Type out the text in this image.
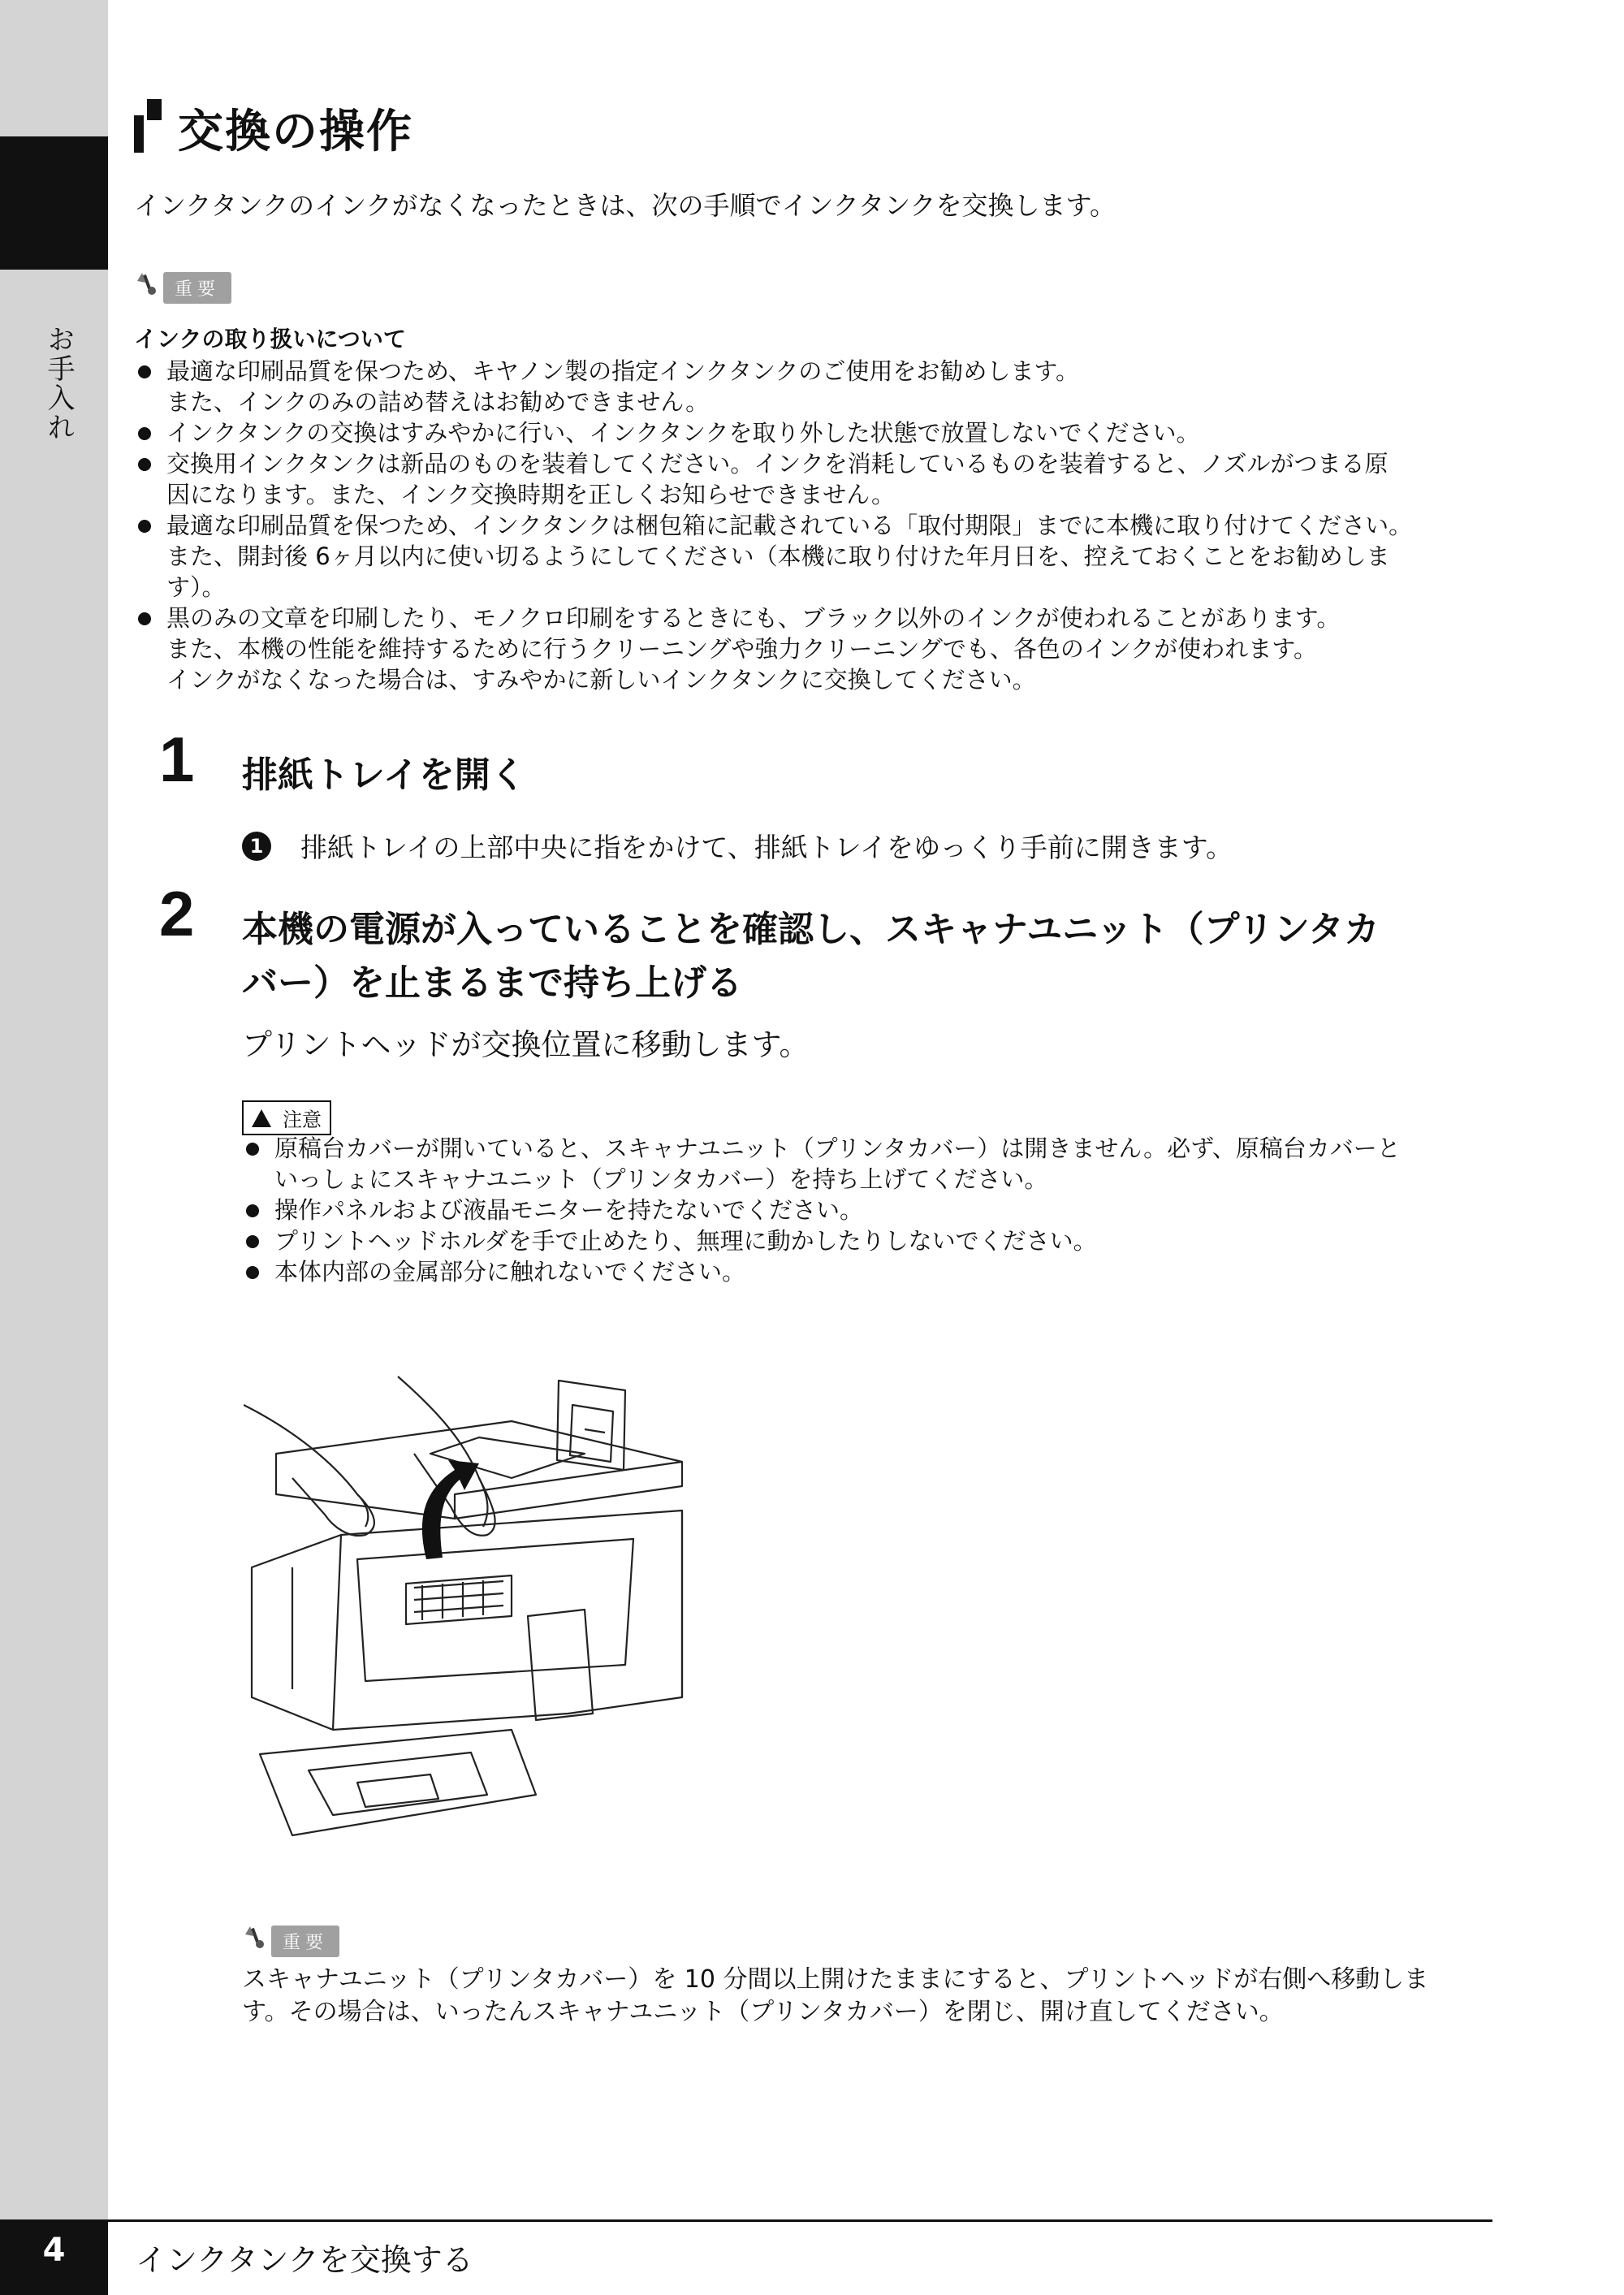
お手入れ
交換の操作
インクタンクのインクがなくなったときは、次の手順でインクタンクを交換します。
重要
インクの取り扱いについて
最適な印刷品質を保つため、キヤノン製の指定インクタンクのご使用をお勧めします。
また、インクのみの詰め替えはお勧めできません。
インクタンクの交換はすみやかに行い、インクタンクを取り外した状態で放置しないでください。
交換用インクタンクは新品のものを装着してください。インクを消耗しているものを装着すると、ノズルがつまる原
因になります。また、インク交換時期を正しくお知らせできません。
最適な印刷品質を保つため、インクタンクは梱包箱に記載されている「取付期限」までに本機に取り付けてください。
また、開封後 6ヶ月以内に使い切るようにしてください（本機に取り付けた年月日を、控えておくことをお勧めしま
す）。
黒のみの文章を印刷したり、モノクロ印刷をするときにも、ブラック以外のインクが使われることがあります。
また、本機の性能を維持するために行うクリーニングや強力クリーニングでも、各色のインクが使われます。
インクがなくなった場合は、すみやかに新しいインクタンクに交換してください。
1 排紙トレイを開く
1 排紙トレイの上部中央に指をかけて、排紙トレイをゆっくり手前に開きます。
2 本機の電源が入っていることを確認し、スキャナユニット（プリンタカ
バー）を止まるまで持ち上げる
プリントヘッドが交換位置に移動します。
注意
原稿台カバーが開いていると、スキャナユニット（プリンタカバー）は開きません。必ず、原稿台カバーと
いっしょにスキャナユニット（プリンタカバー）を持ち上げてください。
操作パネルおよび液晶モニターを持たないでください。
プリントヘッドホルダを手で止めたり、無理に動かしたりしないでください。
本体内部の金属部分に触れないでください。
重要
スキャナユニット（プリンタカバー）を 10 分間以上開けたままにすると、プリントヘッドが右側へ移動しま
す。その場合は、いったんスキャナユニット（プリンタカバー）を閉じ、開け直してください。
4	インクタンクを交換する
